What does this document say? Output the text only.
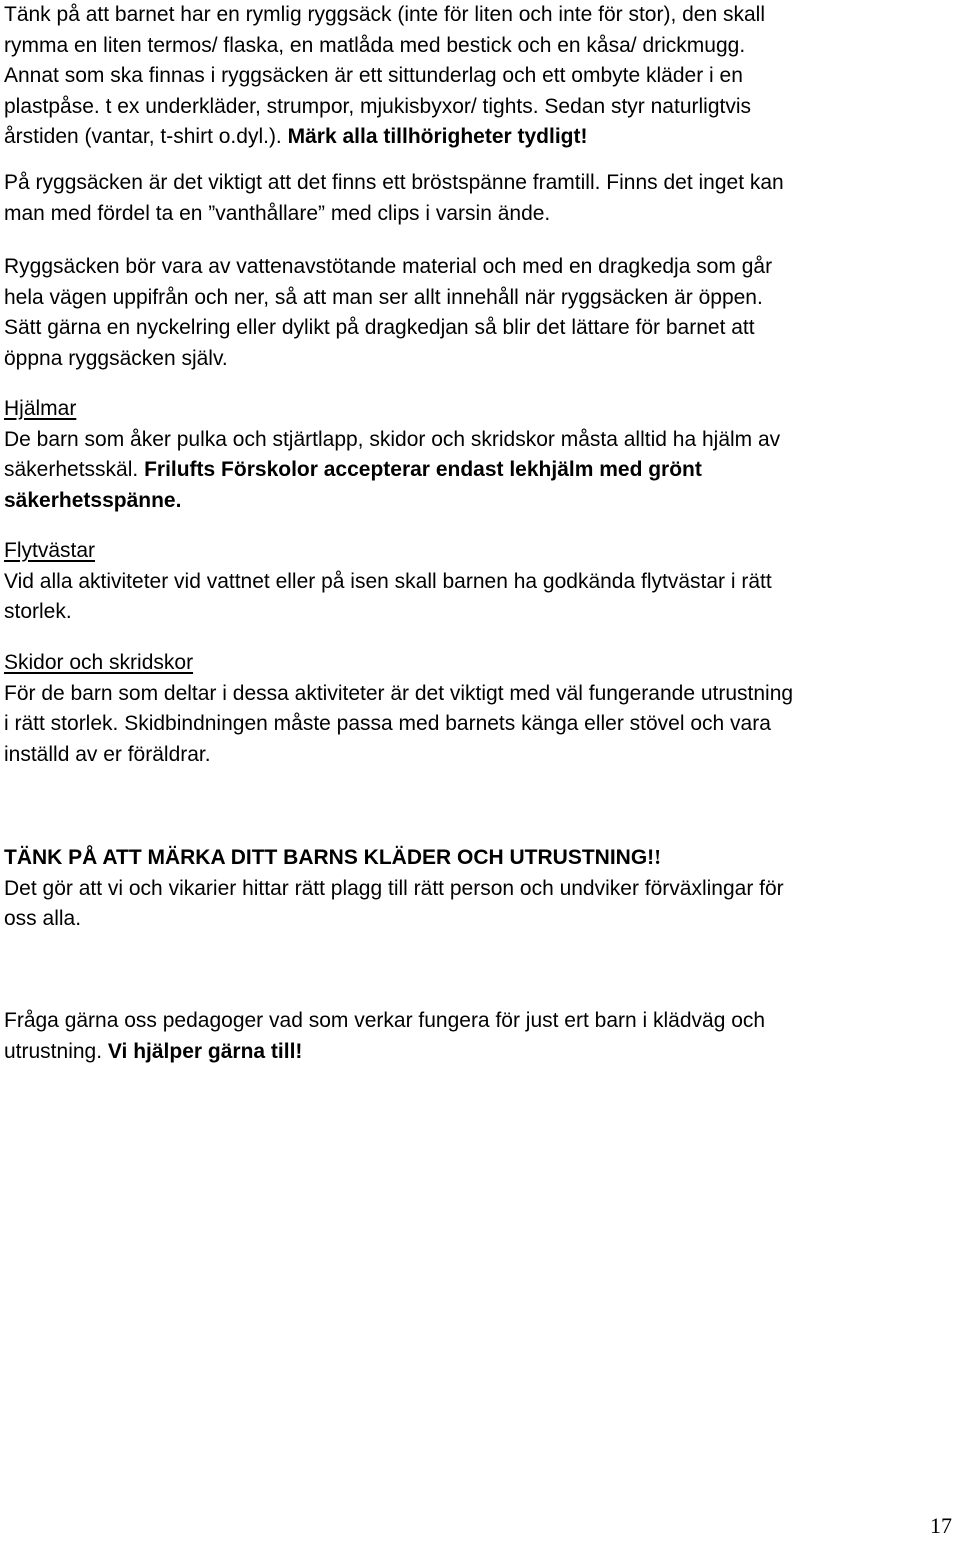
Tänk på att barnet har en rymlig ryggsäck (inte för liten och inte för stor), den skall
rymma en liten termos/ flaska, en matlåda med bestick och en kåsa/ drickmugg.
Annat som ska finnas i ryggsäcken är ett sittunderlag och ett ombyte kläder i en
plastpåse. t ex underkläder, strumpor, mjukisbyxor/ tights. Sedan styr naturligtvis
årstiden (vantar, t-shirt o.dyl.). Märk alla tillhörigheter tydligt!
På ryggsäcken är det viktigt att det finns ett bröstspänne framtill. Finns det inget kan
man med fördel ta en ”vanthållare” med clips i varsin ände.
Ryggsäcken bör vara av vattenavstötande material och med en dragkedja som går
hela vägen uppifrån och ner, så att man ser allt innehåll när ryggsäcken är öppen.
Sätt gärna en nyckelring eller dylikt på dragkedjan så blir det lättare för barnet att
öppna ryggsäcken själv.
Hjälmar
De barn som åker pulka och stjärtlapp, skidor och skridskor måsta alltid ha hjälm av
säkerhetsskäl. Frilufts Förskolor accepterar endast lekhjälm med grönt
säkerhetsspänne.
Flytvästar
Vid alla aktiviteter vid vattnet eller på isen skall barnen ha godkända flytvästar i rätt
storlek.
Skidor och skridskor
För de barn som deltar i dessa aktiviteter är det viktigt med väl fungerande utrustning
i rätt storlek. Skidbindningen måste passa med barnets känga eller stövel och vara
inställd av er föräldrar.
TÄNK PÅ ATT MÄRKA DITT BARNS KLÄDER OCH UTRUSTNING!!
Det gör att vi och vikarier hittar rätt plagg till rätt person och undviker förväxlingar för
oss alla.
Fråga gärna oss pedagoger vad som verkar fungera för just ert barn i klädväg och
utrustning. Vi hjälper gärna till!
17
